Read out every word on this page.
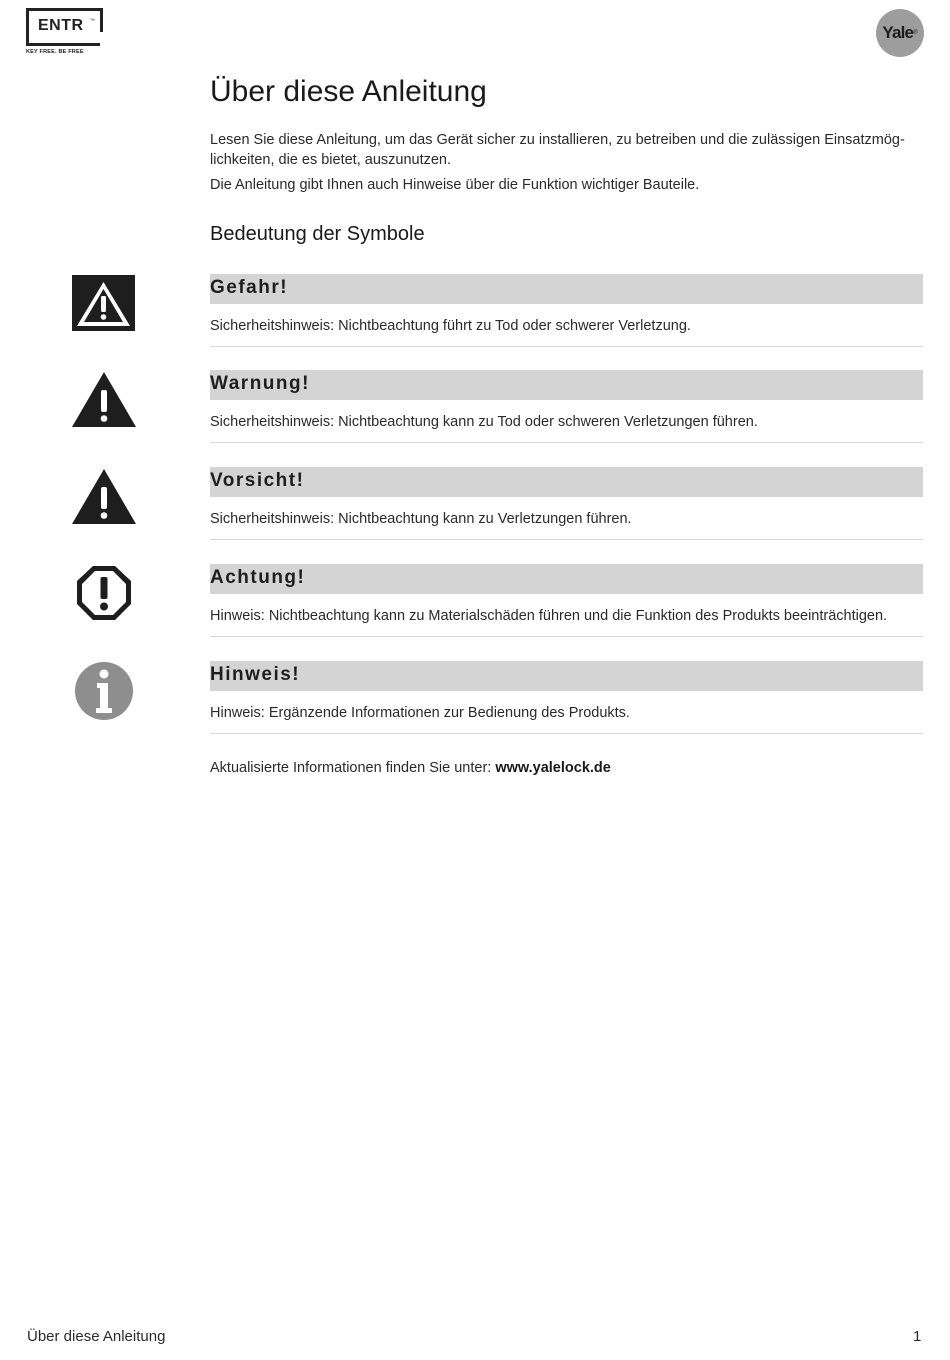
ENTR ™
KEY FREE. BE FREE
Yale ®
Über diese Anleitung

Lesen Sie diese Anleitung, um das Gerät sicher zu installieren, zu betreiben und die zulässigen Einsatzmög-lichkeiten, die es bietet, auszunutzen.

Die Anleitung gibt Ihnen auch Hinweise über die Funktion wichtiger Bauteile.

Bedeutung der Symbole
Gefahr!
Sicherheitshinweis: Nichtbeachtung führt zu Tod oder schwerer Verletzung.
Warnung!
Sicherheitshinweis: Nichtbeachtung kann zu Tod oder schweren Verletzungen führen.
Vorsicht!
Sicherheitshinweis: Nichtbeachtung kann zu Verletzungen führen.
Achtung!
Hinweis: Nichtbeachtung kann zu Materialschäden führen und die Funktion des Produkts beeinträchtigen.
Hinweis!
Hinweis: Ergänzende Informationen zur Bedienung des Produkts.
Aktualisierte Informationen finden Sie unter: www.yalelock.de
Über diese Anleitung	1
